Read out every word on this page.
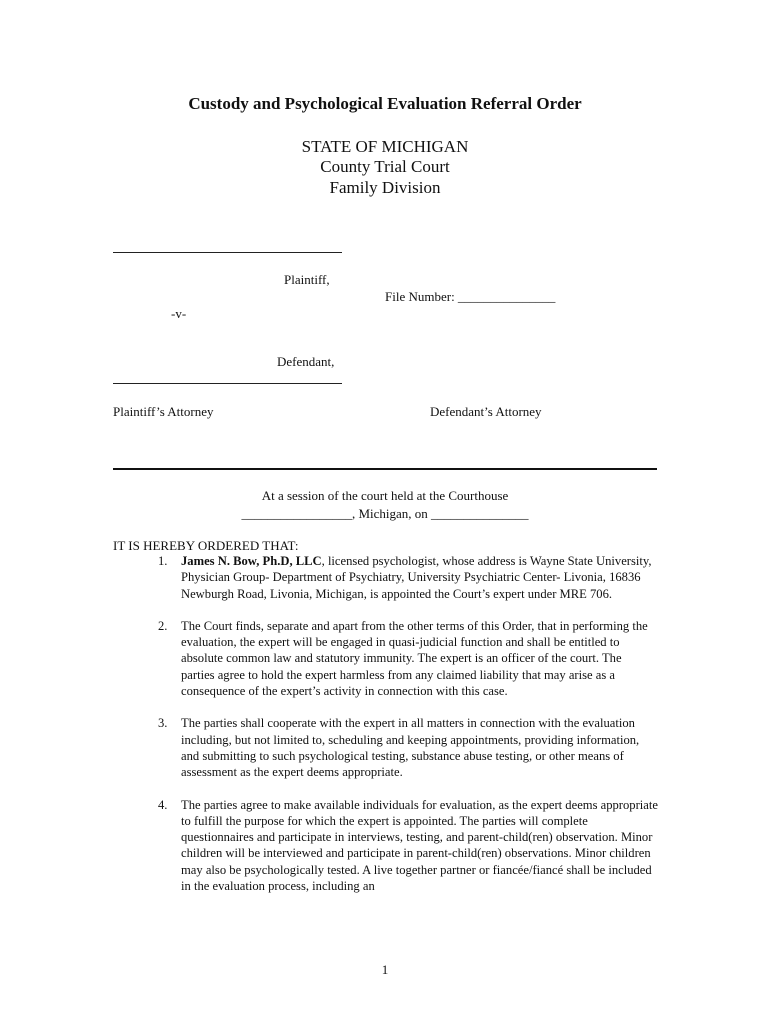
Custody and Psychological Evaluation Referral Order
STATE OF MICHIGAN
County Trial Court
Family Division
Plaintiff,
File Number: _______________
-v-
Defendant,
Plaintiff’s Attorney	Defendant’s Attorney
At a session of the court held at the Courthouse
_________________, Michigan, on _______________
IT IS HEREBY ORDERED THAT:
1. James N. Bow, Ph.D, LLC, licensed psychologist, whose address is Wayne State University, Physician Group- Department of Psychiatry, University Psychiatric Center- Livonia, 16836 Newburgh Road, Livonia, Michigan, is appointed the Court’s expert under MRE 706.
2. The Court finds, separate and apart from the other terms of this Order, that in performing the evaluation, the expert will be engaged in quasi-judicial function and shall be entitled to absolute common law and statutory immunity. The expert is an officer of the court. The parties agree to hold the expert harmless from any claimed liability that may arise as a consequence of the expert’s activity in connection with this case.
3. The parties shall cooperate with the expert in all matters in connection with the evaluation including, but not limited to, scheduling and keeping appointments, providing information, and submitting to such psychological testing, substance abuse testing, or other means of assessment as the expert deems appropriate.
4. The parties agree to make available individuals for evaluation, as the expert deems appropriate to fulfill the purpose for which the expert is appointed. The parties will complete questionnaires and participate in interviews, testing, and parent-child(ren) observation. Minor children will be interviewed and participate in parent-child(ren) observations. Minor children may also be psychologically tested. A live together partner or fiancée/fiancé shall be included in the evaluation process, including an
1
